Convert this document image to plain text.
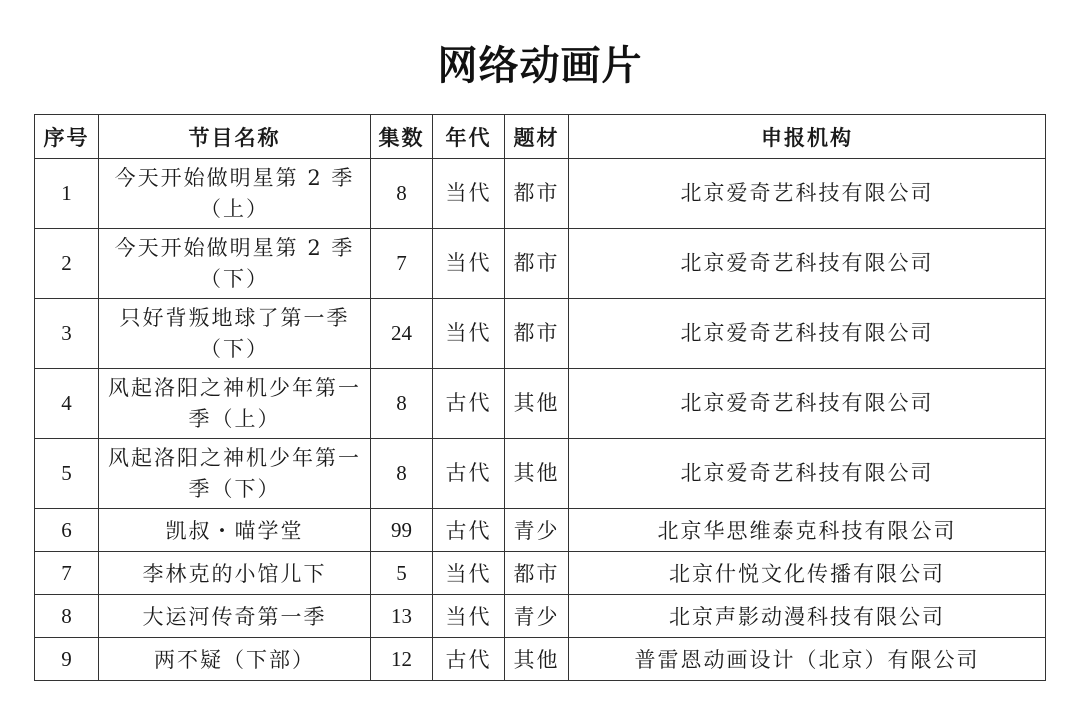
网络动画片
序号	节目名称	集数	年代	题材	申报机构
1	今天开始做明星第 2 季（上）	8	当代	都市	北京爱奇艺科技有限公司
2	今天开始做明星第 2 季（下）	7	当代	都市	北京爱奇艺科技有限公司
3	只好背叛地球了第一季（下）	24	当代	都市	北京爱奇艺科技有限公司
4	风起洛阳之神机少年第一季（上）	8	古代	其他	北京爱奇艺科技有限公司
5	风起洛阳之神机少年第一季（下）	8	古代	其他	北京爱奇艺科技有限公司
6	凯叔・喵学堂	99	古代	青少	北京华思维泰克科技有限公司
7	李林克的小馆儿下	5	当代	都市	北京什悦文化传播有限公司
8	大运河传奇第一季	13	当代	青少	北京声影动漫科技有限公司
9	两不疑（下部）	12	古代	其他	普雷恩动画设计（北京）有限公司
